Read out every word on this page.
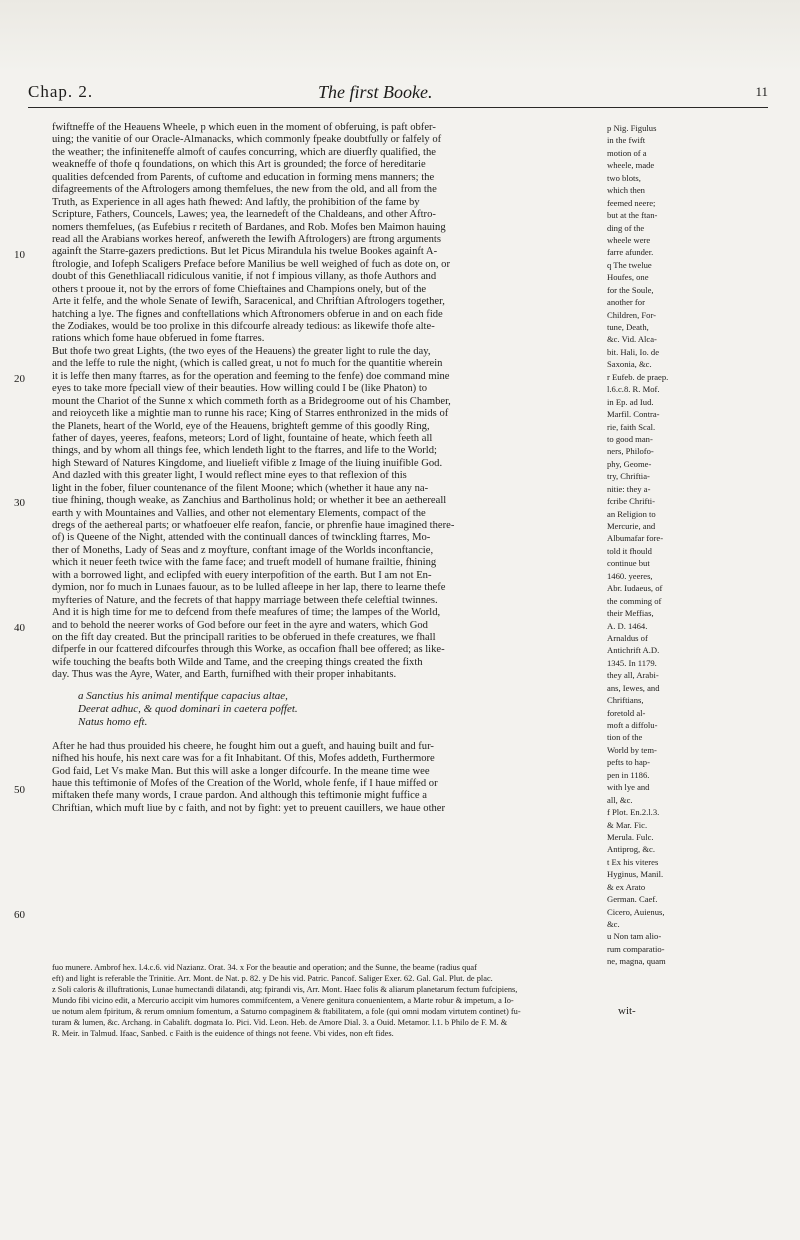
Chap. 2.	The first Booke.	11
10
20
30
40
50
60
fwiftneffe of the Heauens Wheele, p which euen in the moment of obferuing, is paft obfer-
uing; the vanitie of our Oracle-Almanacks, which commonly fpeake doubtfully or falfely of
the weather; the infiniteneffe almoft of caufes concurring, which are diuerfly qualified, the
weakneffe of thofe q foundations, on which this Art is grounded; the force of hereditarie
qualities defcended from Parents, of cuftome and education in forming mens manners; the
difagreements of the Aftrologers among themfelues, the new from the old, and all from the
Truth, as Experience in all ages hath fhewed: And laftly, the prohibition of the fame by
Scripture, Fathers, Councels, Lawes; yea, the learnedeft of the Chaldeans, and other Aftro-
nomers themfelues, (as Eufebius r reciteth of Bardanes, and Rob. Mofes ben Maimon hauing
read all the Arabians workes hereof, anfwereth the Iewifh Aftrologers) are ftrong arguments
againft the Starre-gazers predictions. But let Picus Mirandula his twelue Bookes againft A-
ftrologie, and Iofeph Scaligers Preface before Manilius be well weighed of fuch as dote on, or
doubt of this Genethliacall ridiculous vanitie, if not f impious villany, as thofe Authors and
others t prooue it, not by the errors of fome Chieftaines and Champions onely, but of the
Arte it felfe, and the whole Senate of Iewifh, Saracenical, and Chriftian Aftrologers together,
hatching a lye. The fignes and conftellations which Aftronomers obferue in and on each fide
the Zodiakes, would be too prolixe in this difcourfe already tedious: as likewife thofe alte-
rations which fome haue obferued in fome ftarres.
But thofe two great Lights, (the two eyes of the Heauens) the greater light to rule the day,
and the leffe to rule the night, (which is called great, u not fo much for the quantitie wherein
it is leffe then many ftarres, as for the operation and feeming to the fenfe) doe command mine
eyes to take more fpeciall view of their beauties. How willing could I be (like Phaton) to
mount the Chariot of the Sunne x which commeth forth as a Bridegroome out of his Chamber,
and reioyceth like a mightie man to runne his race; King of Starres enthronized in the mids of
the Planets, heart of the World, eye of the Heauens, brighteft gemme of this goodly Ring,
father of dayes, yeeres, feafons, meteors; Lord of light, fountaine of heate, which feeth all
things, and by whom all things fee, which lendeth light to the ftarres, and life to the World;
high Steward of Natures Kingdome, and liuelieft vifible z Image of the liuing inuifible God.
And dazled with this greater light, I would reflect mine eyes to that reflexion of this
light in the fober, filuer countenance of the filent Moone; which (whether it haue any na-
tiue fhining, though weake, as Zanchius and Bartholinus hold; or whether it bee an aethereall
earth y with Mountaines and Vallies, and other not elementary Elements, compact of the
dregs of the aethereal parts; or whatfoeuer elfe reafon, fancie, or phrenfie haue imagined there-
of) is Queene of the Night, attended with the continuall dances of twinckling ftarres, Mo-
ther of Moneths, Lady of Seas and z moyfture, conftant image of the Worlds inconftancie,
which it neuer feeth twice with the fame face; and trueft modell of humane frailtie, fhining
with a borrowed light, and eclipfed with euery interpofition of the earth. But I am not En-
dymion, nor fo much in Lunaes fauour, as to be lulled afleepe in her lap, there to learne thefe
myfteries of Nature, and the fecrets of that happy marriage between thefe celeftial twinnes.
And it is high time for me to defcend from thefe meafures of time; the lampes of the World,
and to behold the neerer works of God before our feet in the ayre and waters, which God
on the fift day created. But the principall rarities to be obferued in thefe creatures, we fhall
difperfe in our fcattered difcourfes through this Worke, as occafion fhall bee offered; as like-
wife touching the beafts both Wilde and Tame, and the creeping things created the fixth
day. Thus was the Ayre, Water, and Earth, furnifhed with their proper inhabitants.
a Sanctius his animal mentifque capacius altae,
Deerat adhuc, & quod dominari in caetera poffet.
Natus homo eft.
After he had thus prouided his cheere, he fought him out a gueft, and hauing built and fur-
nifhed his houfe, his next care was for a fit Inhabitant. Of this, Mofes addeth, Furthermore
God faid, Let Vs make Man. But this will aske a longer difcourfe. In the meane time wee
haue this teftimonie of Mofes of the Creation of the World, whole fenfe, if I haue miffed or
miftaken thefe many words, I craue pardon. And although this teftimonie might fuffice a
Chriftian, which muft liue by c faith, and not by fight: yet to preuent cauillers, we haue other
p Nig. Figulus
in the fwift
motion of a
wheele, made
two blots,
which then
feemed neere;
but at the ftan-
ding of the
wheele were
farre afunder.
q The twelue
Houfes, one
for the Soule,
another for
Children, For-
tune, Death,
&c. Vid. Alca-
bit. Hali, Io. de
Saxonia, &c.
r Eufeb. de praep.
l.6.c.8. R. Mof.
in Ep. ad Iud.
Marfil. Contra-
rie, faith Scal.
to good man-
ners, Philofo-
phy, Geome-
try, Chriftia-
nitie: they a-
fcribe Chrifti-
an Religion to
Mercurie, and
Albumafar fore-
told it fhould
continue but
1460. yeeres,
Abr. Iudaeus, of
the comming of
their Meffias,
A. D. 1464.
Arnaldus of
Antichrift A.D.
1345. In 1179.
they all, Arabi-
ans, Iewes, and
Chriftians,
foretold al-
moft a diffolu-
tion of the
World by tem-
pefts to hap-
pen in 1186.
with lye and
all, &c.
f Plot. En.2.l.3.
& Mar. Fic.
Merula. Fulc.
Antiprog, &c.
t Ex his viteres
Hyginus, Manil.
& ex Arato
German. Caef.
Cicero, Auienus,
&c.
u Non tam alio-
rum comparatio-
ne, magna, quam
fuo munere. Ambrof hex. l.4.c.6. vid Nazianz. Orat. 34. x For the beautie and operation; and the Sunne, the beame (radius quaf
eft) and light is referable the Trinitie. Arr. Mont. de Nat. p. 82. y De his vid. Patric. Pancof. Saliger Exer. 62. Gal. Gal. Plut. de plac.
z Soli caloris & illuftrationis, Lunae humectandi dilatandi, atq; fpirandi vis, Arr. Mont. Haec folis & aliarum planetarum fectum fufcipiens,
Mundo fibi vicino edit, a Mercurio accipit vim humores commifcentem, a Venere genitura conuenientem, a Marte robur & impetum, a Io-
ue notum alem fpiritum, & rerum omnium fomentum, a Saturno compaginem & ftabilitatem, a fole (qui omni modam virtutem continet) fu-
turam & lumen, &c. Archang. in Cabalift. dogmata Io. Pici. Vid. Leon. Heb. de Amore Dial. 3. a Ouid. Metamor. l.1. b Philo de F. M. &
R. Meir. in Talmud. Ifaac, Sanbed. c Faith is the euidence of things not feene. Vbi vides, non eft fides.
wit-
